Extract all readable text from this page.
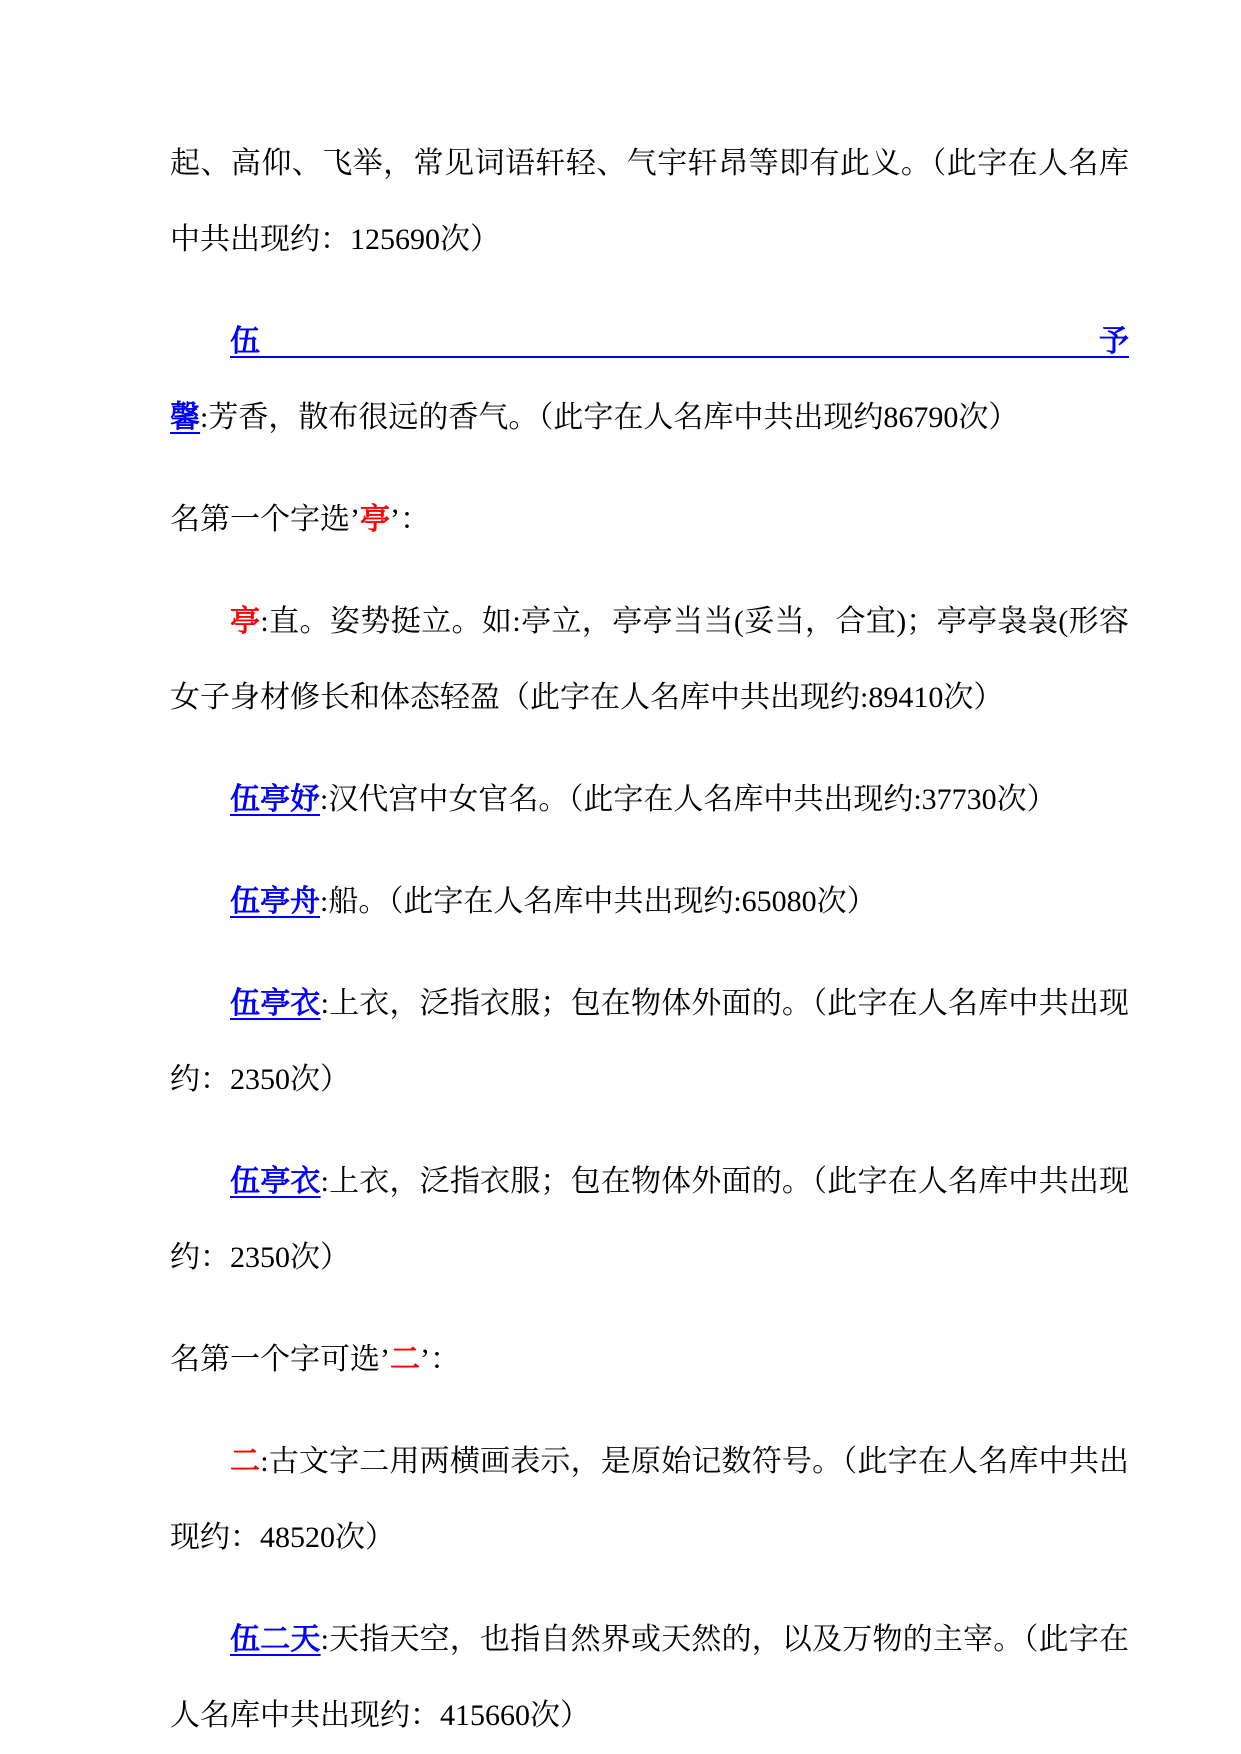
起、高仰、飞举，常见词语轩轻、气宇轩昂等即有此义。（此字在人名库中共出现约：125690次）

伍予馨:芳香，散布很远的香气。（此字在人名库中共出现约86790次）

名第一个字选’亭’：

亭:直。姿势挺立。如:亭立，亭亭当当(妥当，合宜)；亭亭袅袅(形容女子身材修长和体态轻盈（此字在人名库中共出现约:89410次）

伍亭妤:汉代宫中女官名。（此字在人名库中共出现约:37730次）

伍亭舟:船。（此字在人名库中共出现约:65080次）

伍亭衣:上衣，泛指衣服；包在物体外面的。（此字在人名库中共出现约：2350次）

伍亭衣:上衣，泛指衣服；包在物体外面的。（此字在人名库中共出现约：2350次）

名第一个字可选’二’：

二:古文字二用两横画表示，是原始记数符号。（此字在人名库中共出现约：48520次）

伍二天:天指天空，也指自然界或天然的，以及万物的主宰。（此字在人名库中共出现约：415660次）
